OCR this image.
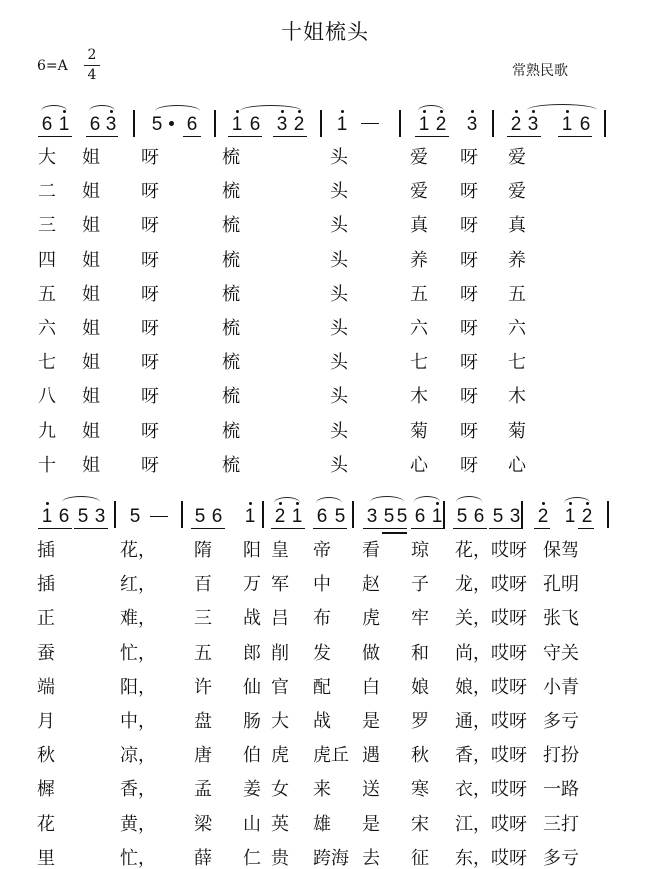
十姐梳头
6=A
2
4	常熟民歌
6 1 6 3 5 6 1 6 3 2 1	1 2 3 2 3 1 6
大 姐 呀	梳	头	爱 呀 爱
二 姐 呀	梳	头	爱 呀 爱
三 姐 呀	梳	头	真 呀 真
四 姐 呀	梳	头	养 呀 养
五 姐 呀	梳	头	五 呀 五
六 姐 呀	梳	头	六 呀 六
七 姐 呀	梳	头	七 呀 七
八 姐 呀	梳	头	木 呀 木
九 姐 呀	梳	头	菊 呀 菊
十 姐 呀	梳	头	心 呀 心
1 6 5 3 5	5 6 1 2 1 6 5 3 5 5 6 1 5 6 5 3 2 1 2
插	花， 隋 阳 皇 帝 看 琼 花，哎呀 保驾
插	红， 百 万 军 中 赵 子 龙，哎呀 孔明
正	难， 三 战 吕 布 虎 牢 关，哎呀 张飞
蚕	忙， 五 郎 削 发 做 和 尚，哎呀 守关
端	阳， 许 仙 官 配 白 娘 娘，哎呀 小青
月	中， 盘 肠 大 战 是 罗 通，哎呀 多亏
秋	凉， 唐 伯 虎 虎丘 遇 秋 香，哎呀 打扮
樨	香， 孟 姜 女 来 送 寒 衣，哎呀 一路
花	黄， 梁 山 英 雄 是 宋 江，哎呀 三打
里	忙， 薛 仁 贵 跨海 去 征 东，哎呀 多亏
